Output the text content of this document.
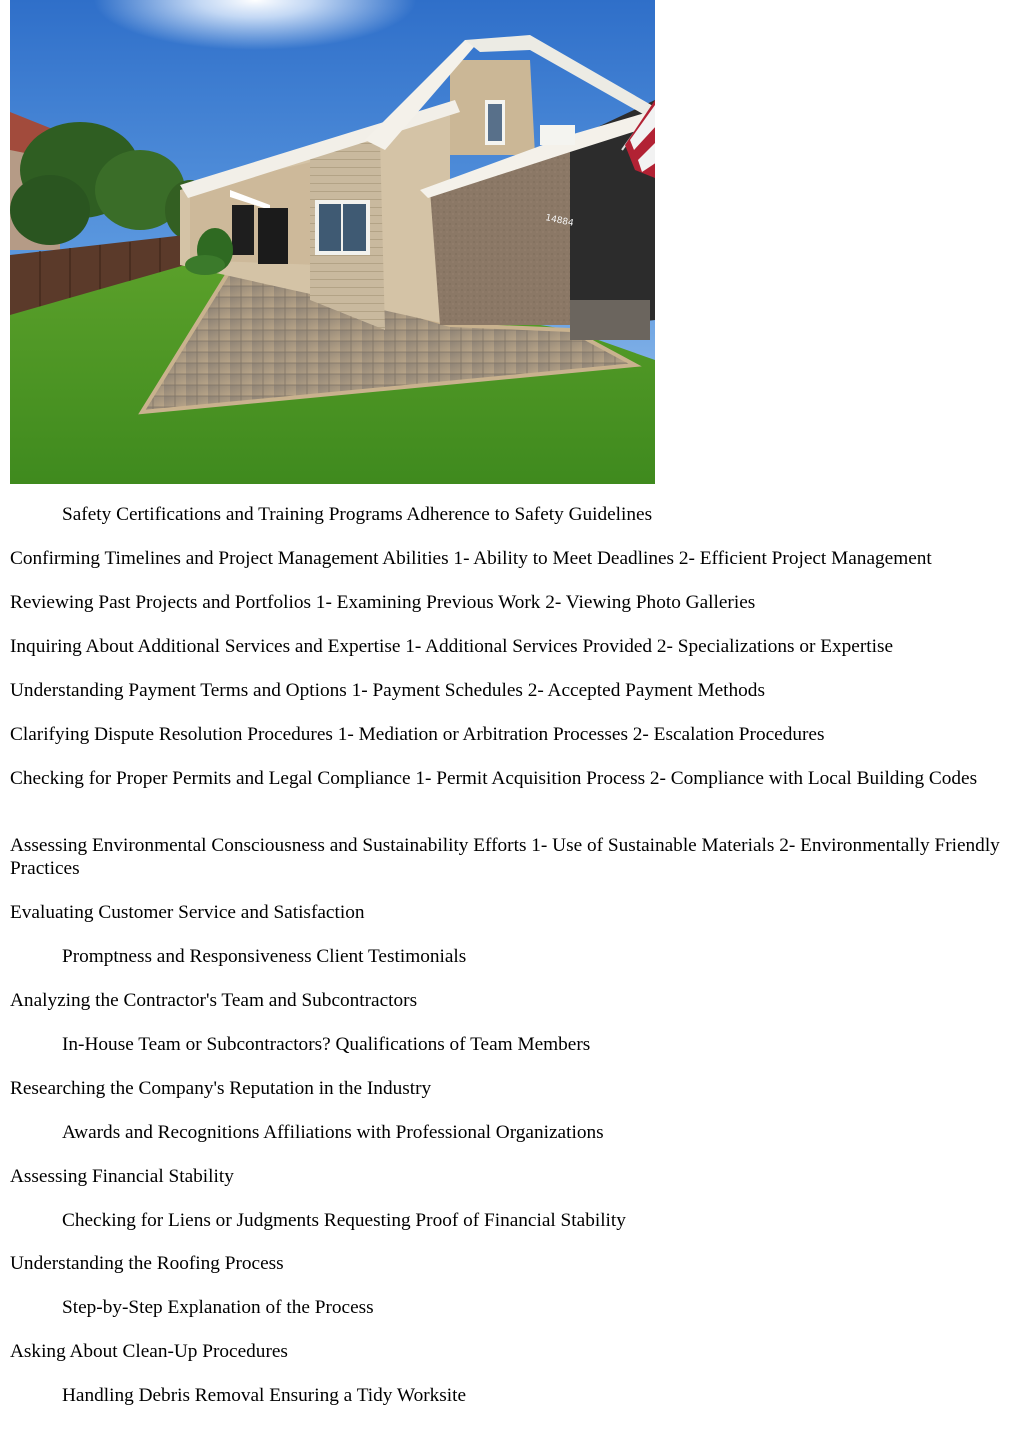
14884

Safety Certifications and Training Programs Adherence to Safety Guidelines

Confirming Timelines and Project Management Abilities 1- Ability to Meet Deadlines 2- Efficient Project Management

Reviewing Past Projects and Portfolios 1- Examining Previous Work 2- Viewing Photo Galleries

Inquiring About Additional Services and Expertise 1- Additional Services Provided 2- Specializations or Expertise

Understanding Payment Terms and Options 1- Payment Schedules 2- Accepted Payment Methods

Clarifying Dispute Resolution Procedures 1- Mediation or Arbitration Processes 2- Escalation Procedures

Checking for Proper Permits and Legal Compliance 1- Permit Acquisition Process 2- Compliance with Local Building Codes

Assessing Environmental Consciousness and Sustainability Efforts 1- Use of Sustainable Materials 2- Environmentally Friendly Practices

Evaluating Customer Service and Satisfaction

Promptness and Responsiveness Client Testimonials

Analyzing the Contractor's Team and Subcontractors

In-House Team or Subcontractors? Qualifications of Team Members

Researching the Company's Reputation in the Industry

Awards and Recognitions Affiliations with Professional Organizations

Assessing Financial Stability

Checking for Liens or Judgments Requesting Proof of Financial Stability

Understanding the Roofing Process

Step-by-Step Explanation of the Process

Asking About Clean-Up Procedures

Handling Debris Removal Ensuring a Tidy Worksite
